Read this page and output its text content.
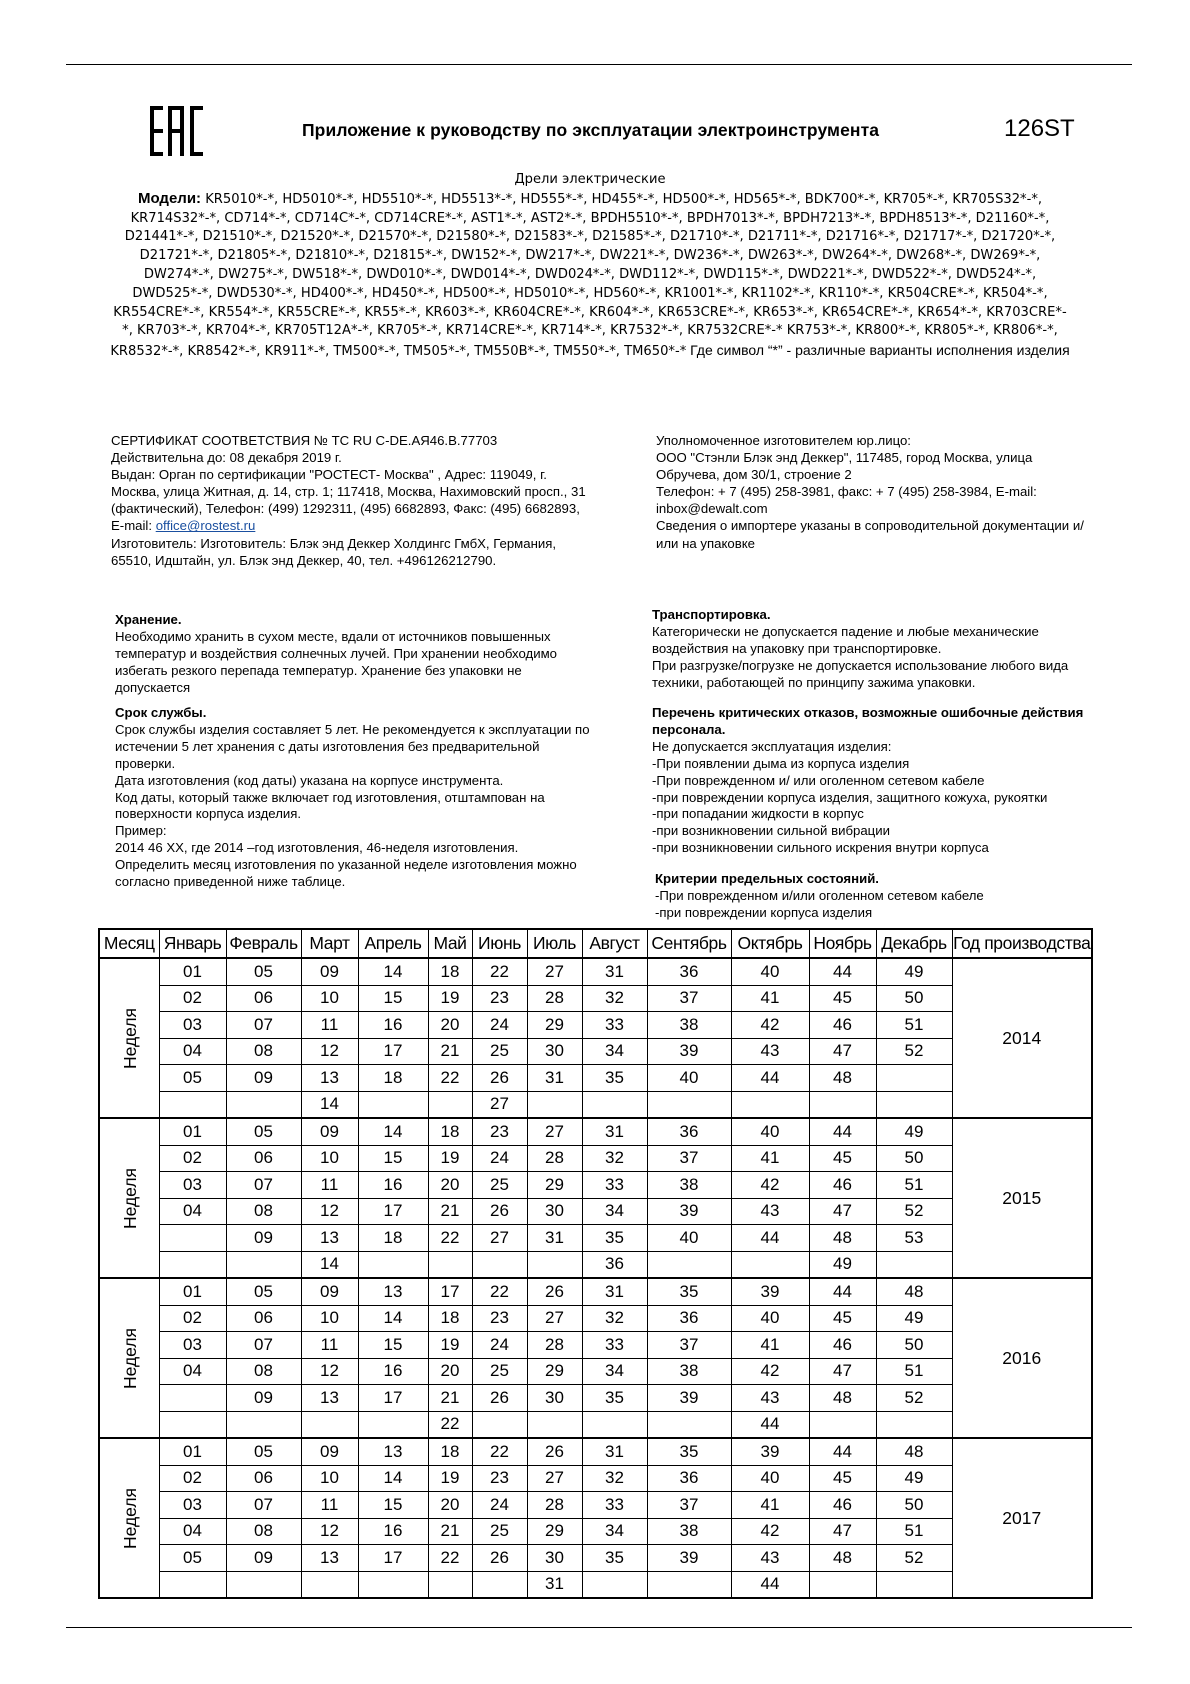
Приложение к руководству по эксплуатации электроинструмента	126ST
Дрели электрические
Модели: KR5010*-*, HD5010*-*, HD5510*-*, HD5513*-*, HD555*-*, HD455*-*, HD500*-*, HD565*-*, BDK700*-*, KR705*-*, KR705S32*-*, KR714S32*-*, CD714*-*, CD714C*-*, CD714CRE*-*, AST1*-*, AST2*-*, BPDH5510*-*, BPDH7013*-*, BPDH7213*-*, BPDH8513*-*, D21160*-*, D21441*-*, D21510*-*, D21520*-*, D21570*-*, D21580*-*, D21583*-*, D21585*-*, D21710*-*, D21711*-*, D21716*-*, D21717*-*, D21720*-*, D21721*-*, D21805*-*, D21810*-*, D21815*-*, DW152*-*, DW217*-*, DW221*-*, DW236*-*, DW263*-*, DW264*-*, DW268*-*, DW269*-*, DW274*-*, DW275*-*, DW518*-*, DWD010*-*, DWD014*-*, DWD024*-*, DWD112*-*, DWD115*-*, DWD221*-*, DWD522*-*, DWD524*-*, DWD525*-*, DWD530*-*, HD400*-*, HD450*-*, HD500*-*, HD5010*-*, HD560*-*, KR1001*-*, KR1102*-*, KR110*-*, KR504CRE*-*, KR504*-*, KR554CRE*-*, KR554*-*, KR55CRE*-*, KR55*-*, KR603*-*, KR604CRE*-*, KR604*-*, KR653CRE*-*, KR653*-*, KR654CRE*-*, KR654*-*, KR703CRE*-*, KR703*-*, KR704*-*, KR705T12A*-*, KR705*-*, KR714CRE*-*, KR714*-*, KR7532*-*, KR7532CRE*-* KR753*-*, KR800*-*, KR805*-*, KR806*-*, KR8532*-*, KR8542*-*, KR911*-*, TM500*-*, TM505*-*, TM550B*-*, TM550*-*, TM650*-* Где символ “*” - различные варианты исполнения изделия

СЕРТИФИКАТ СООТВЕТСТВИЯ № ТС RU C-DE.АЯ46.В.77703

Действительна до: 08 декабря 2019 г.

Выдан: Орган по сертификации "РОСТЕСТ- Москва" , Адрес: 119049, г. Москва, улица Житная, д. 14, стр. 1; 117418, Москва, Нахимовский просп., 31 (фактический), Телефон: (499) 1292311, (495) 6682893, Факс: (495) 6682893, E-mail: office@rostest.ru

Изготовитель: Изготовитель: Блэк энд Деккер Холдингс ГмбХ, Германия, 65510, Идштайн, ул. Блэк энд Деккер, 40, тел. +496126212790.

Уполномоченное изготовителем юр.лицо:

ООО "Стэнли Блэк энд Деккер", 117485, город Москва, улица Обручева, дом 30/1, строение 2

Телефон: + 7 (495) 258-3981, факс: + 7 (495) 258-3984, E-mail: inbox@dewalt.com

Сведения о импортере указаны в сопроводительной документации и/или на упаковке

Хранение.

Необходимо хранить в сухом месте, вдали от источников повышенных температур и воздействия солнечных лучей. При хранении необходимо избегать резкого перепада температур. Хранение без упаковки не допускается

Срок службы.

Срок службы изделия составляет 5 лет. Не рекомендуется к эксплуатации по истечении 5 лет хранения с даты изготовления без предварительной проверки.

Дата изготовления (код даты) указана на корпусе инструмента.

Код даты, который также включает год изготовления, отштампован на поверхности корпуса изделия.

Пример:

2014 46 XX, где 2014 –год изготовления, 46-неделя изготовления.

Определить месяц изготовления по указанной неделе изготовления можно согласно приведенной ниже таблице.

Транспортировка.

Категорически не допускается падение и любые механические воздействия на упаковку при транспортировке.

При разгрузке/погрузке не допускается использование любого вида техники, работающей по принципу зажима упаковки.

Перечень критических отказов, возможные ошибочные действия персонала.

Не допускается эксплуатация изделия:

-При появлении дыма из корпуса изделия

-При поврежденном и/ или оголенном сетевом кабеле

-при повреждении корпуса изделия, защитного кожуха, рукоятки

-при попадании жидкости в корпус

-при возникновении сильной вибрации

-при возникновении сильного искрения внутри корпуса

Критерии предельных состояний.

-При поврежденном и/или оголенном сетевом кабеле

-при повреждении корпуса изделия

Месяц	Январь	Февраль	Март	Апрель	Май	Июнь	Июль	Август	Сентябрь	Октябрь	Ноябрь	Декабрь	Год производства
Неделя	01	05	09	14	18	22	27	31	36	40	44	49	2014
	02	06	10	15	19	23	28	32	37	41	45	50	
	03	07	11	16	20	24	29	33	38	42	46	51	
	04	08	12	17	21	25	30	34	39	43	47	52	
	05	09	13	18	22	26	31	35	40	44	48		
			14			27							
Неделя	01	05	09	14	18	23	27	31	36	40	44	49	2015
	02	06	10	15	19	24	28	32	37	41	45	50	
	03	07	11	16	20	25	29	33	38	42	46	51	
	04	08	12	17	21	26	30	34	39	43	47	52	
		09	13	18	22	27	31	35	40	44	48	53	
			14					36			49		
Неделя	01	05	09	13	17	22	26	31	35	39	44	48	2016
	02	06	10	14	18	23	27	32	36	40	45	49	
	03	07	11	15	19	24	28	33	37	41	46	50	
	04	08	12	16	20	25	29	34	38	42	47	51	
		09	13	17	21	26	30	35	39	43	48	52	
					22					44			
Неделя	01	05	09	13	18	22	26	31	35	39	44	48	2017
	02	06	10	14	19	23	27	32	36	40	45	49	
	03	07	11	15	20	24	28	33	37	41	46	50	
	04	08	12	16	21	25	29	34	38	42	47	51	
	05	09	13	17	22	26	30	35	39	43	48	52	
							31			44			
